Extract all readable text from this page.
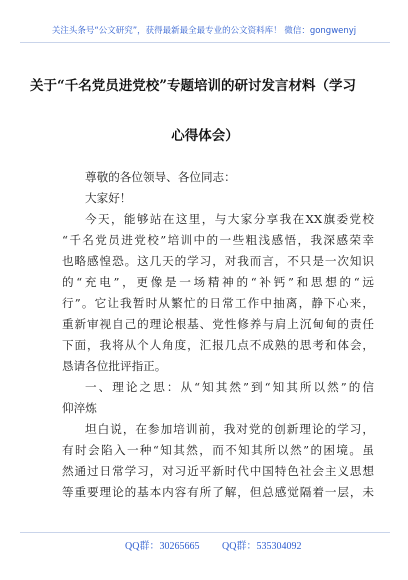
关注头条号“公文研究”，获得最新最全最专业的公文资料库！ 微信：gongwenyj
关于“千名党员进党校”专题培训的研讨发言材料（学习
心得体会）
尊敬的各位领导、各位同志：
大家好！
今天，能够站在这里，与大家分享我在XX旗委党校
“千名党员进党校”培训中的一些粗浅感悟，我深感荣幸
也略感惶恐。这几天的学习，对我而言，不只是一次知识
的“充电”，更像是一场精神的“补钙”和思想的“远
行”。它让我暂时从繁忙的日常工作中抽离，静下心来，
重新审视自己的理论根基、党性修养与肩上沉甸甸的责任
下面，我将从个人角度，汇报几点不成熟的思考和体会，
恳请各位批评指正。
一、理论之思：从“知其然”到“知其所以然”的信
仰淬炼
坦白说，在参加培训前，我对党的创新理论的学习，
有时会陷入一种“知其然，而不知其所以然”的困境。虽
然通过日常学习，对习近平新时代中国特色社会主义思想
等重要理论的基本内容有所了解，但总感觉隔着一层，未
QQ群：30265665 QQ群：535304092
